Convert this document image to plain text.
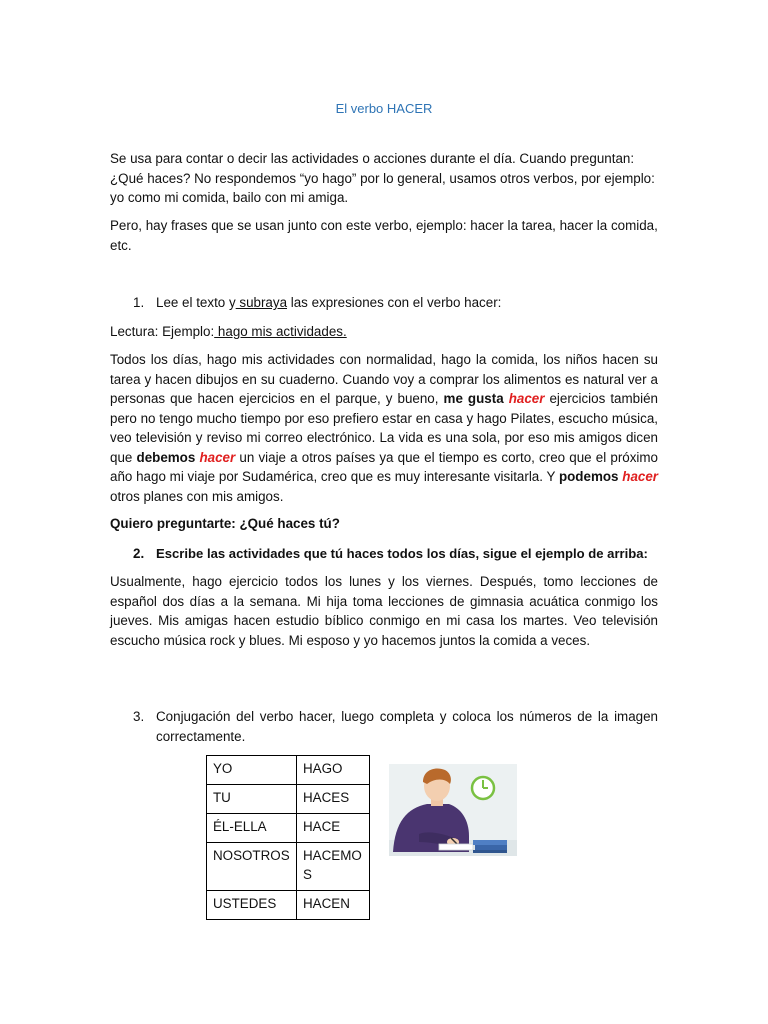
El verbo HACER
Se usa para contar o decir las actividades o acciones durante el día. Cuando preguntan: ¿Qué haces? No respondemos “yo hago” por lo general, usamos otros verbos, por ejemplo: yo como mi comida, bailo con mi amiga.
Pero, hay frases que se usan junto con este verbo, ejemplo: hacer la tarea, hacer la comida, etc.
1. Lee el texto y subraya las expresiones con el verbo hacer:
Lectura: Ejemplo: hago mis actividades.
Todos los días, hago mis actividades con normalidad, hago la comida, los niños hacen su tarea y hacen dibujos en su cuaderno. Cuando voy a comprar los alimentos es natural ver a personas que hacen ejercicios en el parque, y bueno, me gusta hacer ejercicios también pero no tengo mucho tiempo por eso prefiero estar en casa y hago Pilates, escucho música, veo televisión y reviso mi correo electrónico. La vida es una sola, por eso mis amigos dicen que debemos hacer un viaje a otros países ya que el tiempo es corto, creo que el próximo año hago mi viaje por Sudamérica, creo que es muy interesante visitarla. Y podemos hacer otros planes con mis amigos.
Quiero preguntarte: ¿Qué haces tú?
2. Escribe las actividades que tú haces todos los días, sigue el ejemplo de arriba:
Usualmente, hago ejercicio todos los lunes y los viernes. Después, tomo lecciones de español dos días a la semana. Mi hija toma lecciones de gimnasia acuática conmigo los jueves. Mis amigas hacen estudio bíblico conmigo en mi casa los martes. Veo televisión escucho música rock y blues. Mi esposo y yo hacemos juntos la comida a veces.
3. Conjugación del verbo hacer, luego completa y coloca los números de la imagen correctamente.
YO	HAGO
TU	HACES
ÉL-ELLA	HACE
NOSOTROS	HACEMOS
USTEDES	HACEN
